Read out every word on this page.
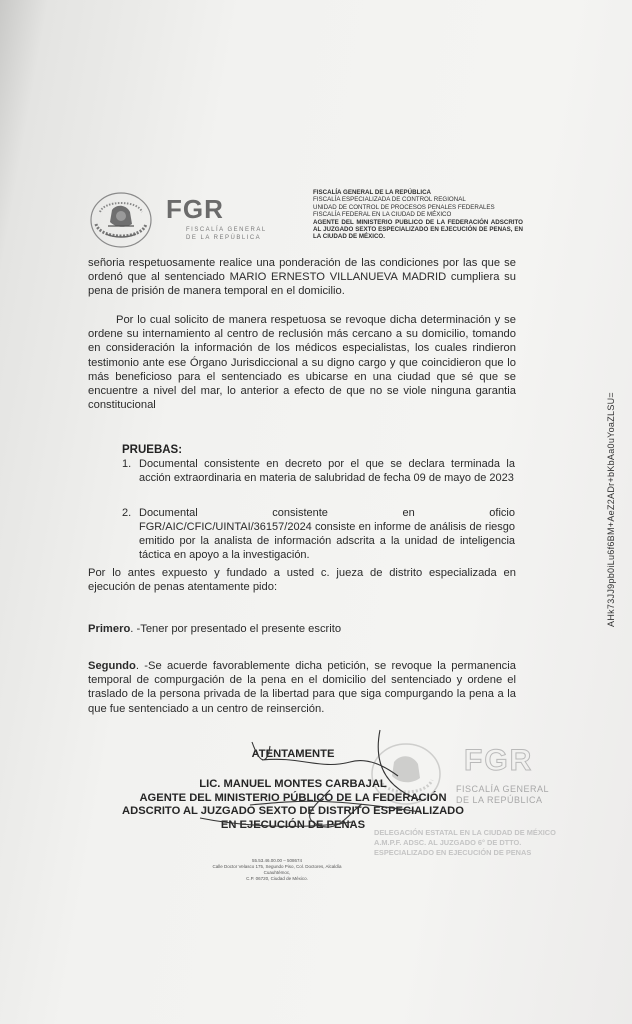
FGR
FISCALÍA GENERAL
DE LA REPÚBLICA
FISCALÍA GENERAL DE LA REPÚBLICA
FISCALÍA ESPECIALIZADA DE CONTROL REGIONAL
UNIDAD DE CONTROL DE PROCESOS PENALES FEDERALES
FISCALÍA FEDERAL EN LA CIUDAD DE MÉXICO
AGENTE DEL MINISTERIO PUBLICO DE LA FEDERACIÓN ADSCRITO AL JUZGADO SEXTO ESPECIALIZADO EN EJECUCIÓN DE PENAS, EN LA CIUDAD DE MÉXICO.
señoria respetuosamente realice una ponderación de las condiciones por las que se ordenó que al sentenciado MARIO ERNESTO VILLANUEVA MADRID cumpliera su pena de prisión de manera temporal en el domicilio.
Por lo cual solicito de manera respetuosa se revoque dicha determinación y se ordene su internamiento al centro de reclusión más cercano a su domicilio, tomando en consideración la información de los médicos especialistas, los cuales rindieron testimonio ante ese Órgano Jurisdiccional a su digno cargo y que coincidieron que lo más beneficioso para el sentenciado es ubicarse en una ciudad que sé que se encuentre a nivel del mar, lo anterior a efecto de que no se viole ninguna garantia constitucional
PRUEBAS:
1. Documental consistente en decreto por el que se declara terminada la acción extraordinaria en materia de salubridad de fecha 09 de mayo de 2023
2. Documental	consistente	en	oficio
FGR/AIC/CFIC/UINTAI/36157/2024 consiste en informe de análisis de riesgo emitido por la analista de información adscrita a la unidad de inteligencia táctica en apoyo a la investigación.
Por lo antes expuesto y fundado a usted c. jueza de distrito especializada en ejecución de penas atentamente pido:
Primero. -Tener por presentado el presente escrito
Segundo. -Se acuerde favorablemente dicha petición, se revoque la permanencia temporal de compurgación de la pena en el domicilio del sentenciado y ordene el traslado de la persona privada de la libertad para que siga compurgando la pena a la que fue sentenciado a un centro de reinserción.
FGR
FISCALÍA GENERAL
DE LA REPÚBLICA
DELEGACIÓN ESTATAL EN LA CIUDAD DE MÉXICO
A.M.P.F. ADSC. AL JUZGADO 6° DE DTTO.
ESPECIALIZADO EN EJECUCIÓN DE PENAS
ATENTAMENTE
LIC. MANUEL MONTES CARBAJAL
AGENTE DEL MINISTERIO PÚBLICO DE LA FEDERACIÓN
ADSCRITO AL JUZGADO SEXTO DE DISTRITO ESPECIALIZADO
EN EJECUCIÓN DE PENAS
55.53.46.00.00 – 508674
Calle Doctor Velasco 175, Segundo Piso, Col. Doctores, Alcaldía Cuauhtémoc,
C.P. 06720, Ciudad de México.
AHk73JJ9pb0iLu6f6BM+AeZ2ADr+bKbAa0uYoaZLSU=
